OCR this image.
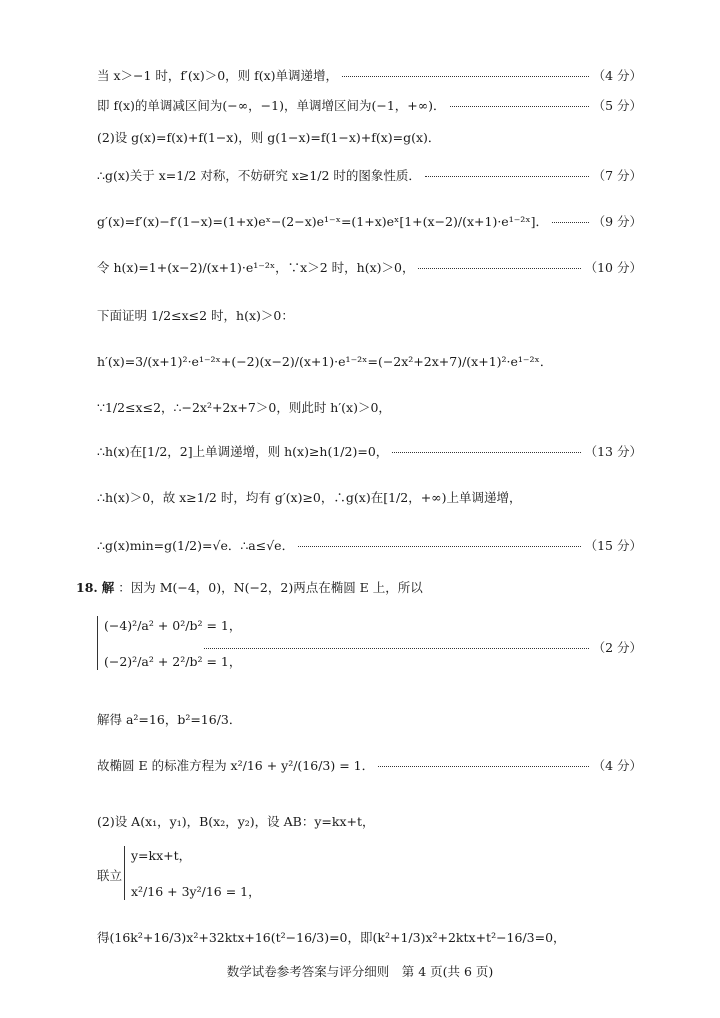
当 x＞−1 时，f′(x)＞0，则 f(x)单调递增，	（4 分）
即 f(x)的单调减区间为(−∞，−1)，单调增区间为(−1，+∞)．	（5 分）
(2)设 g(x)=f(x)+f(1−x)，则 g(1−x)=f(1−x)+f(x)=g(x)．
∴g(x)关于 x=1/2 对称，不妨研究 x≥1/2 时的图象性质．	（7 分）
g′(x)=f′(x)−f′(1−x)=(1+x)eˣ−(2−x)e¹⁻ˣ=(1+x)eˣ[1+(x−2)/(x+1)·e¹⁻²ˣ]．	（9 分）
令 h(x)=1+(x−2)/(x+1)·e¹⁻²ˣ，∵x＞2 时，h(x)＞0，	（10 分）
下面证明 1/2≤x≤2 时，h(x)＞0：
h′(x)=3/(x+1)²·e¹⁻²ˣ+(−2)(x−2)/(x+1)·e¹⁻²ˣ=(−2x²+2x+7)/(x+1)²·e¹⁻²ˣ．
∵1/2≤x≤2，∴−2x²+2x+7＞0，则此时 h′(x)＞0，
∴h(x)在[1/2，2]上单调递增，则 h(x)≥h(1/2)=0，	（13 分）
∴h(x)＞0，故 x≥1/2 时，均有 g′(x)≥0，∴g(x)在[1/2，+∞)上单调递增，
∴g(x)min=g(1/2)=√e．∴a≤√e．	（15 分）
18. 解 ：因为 M(−4，0)，N(−2，2)两点在椭圆 E 上，所以
(−4)²/a² + 0²/b² = 1，
(−2)²/a² + 2²/b² = 1，
（2 分）
解得 a²=16，b²=16/3．
故椭圆 E 的标准方程为 x²/16 + y²/(16/3) = 1．	（4 分）
(2)设 A(x₁，y₁)，B(x₂，y₂)，设 AB：y=kx+t，
联立
y=kx+t，
x²/16 + 3y²/16 = 1，
得(16k²+16/3)x²+32ktx+16(t²−16/3)=0，即(k²+1/3)x²+2ktx+t²−16/3=0，
数学试卷参考答案与评分细则　第 4 页(共 6 页)
